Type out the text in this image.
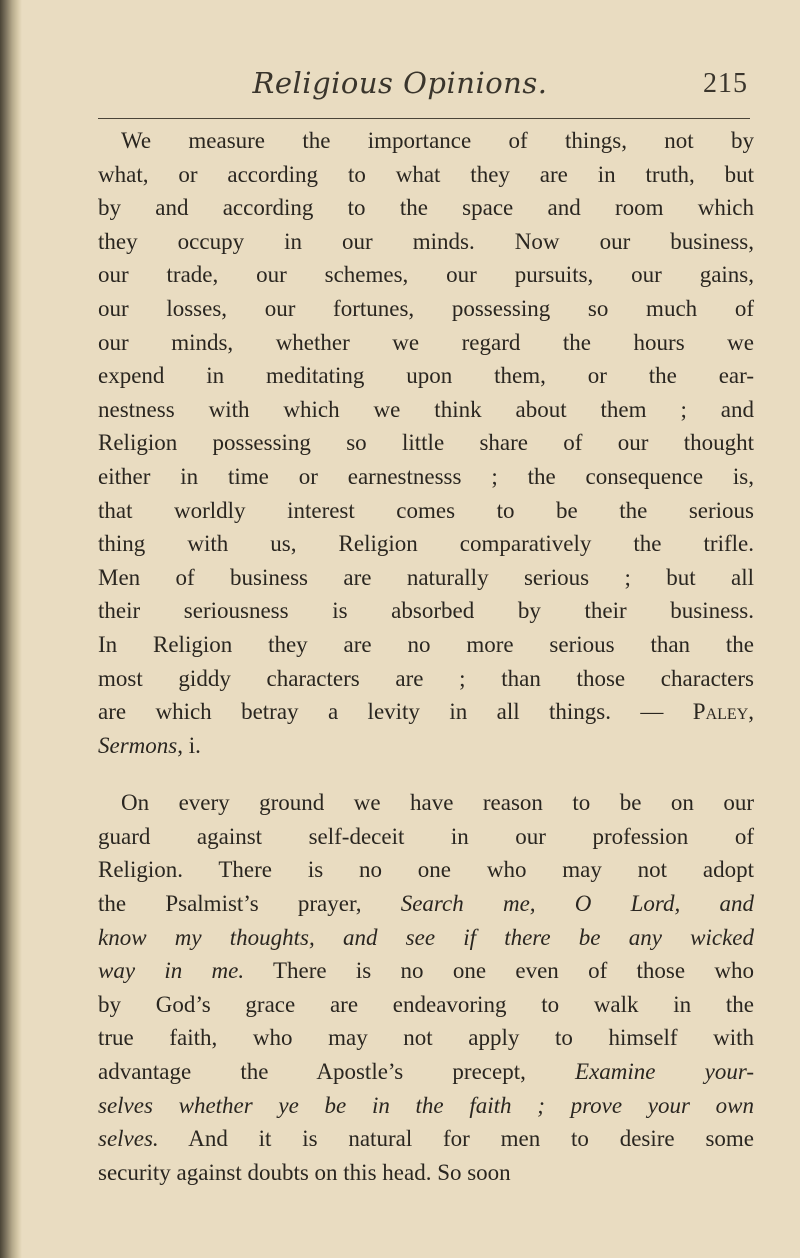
Religious Opinions.	215
We measure the importance of things, not by
what, or according to what they are in truth, but
by and according to the space and room which
they occupy in our minds. Now our business,
our trade, our schemes, our pursuits, our gains,
our losses, our fortunes, possessing so much of
our minds, whether we regard the hours we
expend in meditating upon them, or the ear-
nestness with which we think about them ; and
Religion possessing so little share of our thought
either in time or earnestnesss ; the consequence is,
that worldly interest comes to be the serious
thing with us, Religion comparatively the trifle.
Men of business are naturally serious ; but all
their seriousness is absorbed by their business.
In Religion they are no more serious than the
most giddy characters are ; than those characters
are which betray a levity in all things. — Paley,
Sermons, i.
On every ground we have reason to be on our
guard against self-deceit in our profession of
Religion. There is no one who may not adopt
the Psalmist’s prayer, Search me, O Lord, and
know my thoughts, and see if there be any wicked
way in me. There is no one even of those who
by God’s grace are endeavoring to walk in the
true faith, who may not apply to himself with
advantage the Apostle’s precept, Examine your-
selves whether ye be in the faith ; prove your own
selves. And it is natural for men to desire some
security against doubts on this head. So soon
